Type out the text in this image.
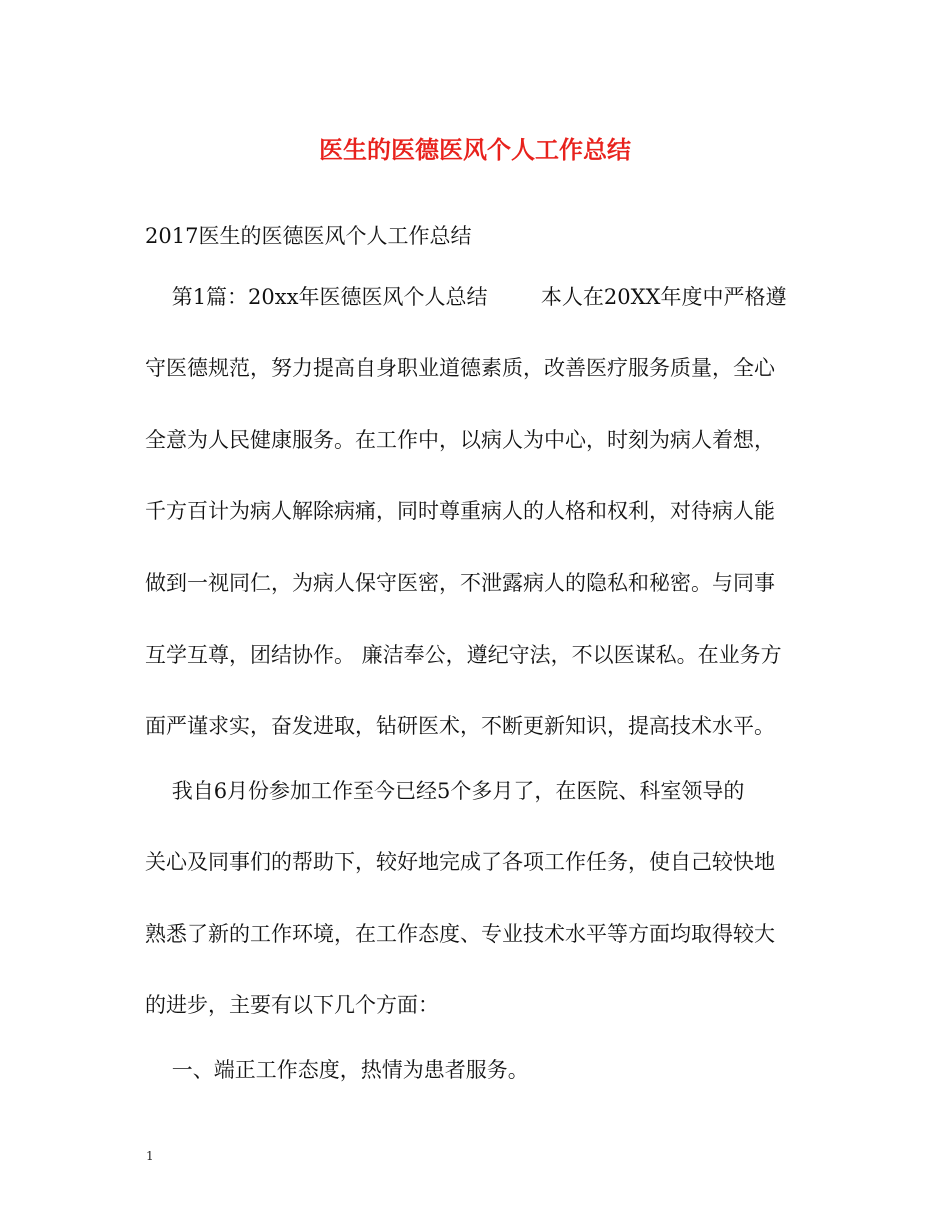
医生的医德医风个人工作总结
2017医生的医德医风个人工作总结
第1篇：20xx年医德医风个人总结        本人在20XX年度中严格遵
守医德规范，努力提高自身职业道德素质，改善医疗服务质量，全心
全意为人民健康服务。在工作中，以病人为中心，时刻为病人着想，
千方百计为病人解除病痛，同时尊重病人的人格和权利，对待病人能
做到一视同仁，为病人保守医密，不泄露病人的隐私和秘密。与同事
互学互尊，团结协作。 廉洁奉公，遵纪守法，不以医谋私。在业务方
面严谨求实，奋发进取，钻研医术，不断更新知识，提高技术水平。
我自6月份参加工作至今已经5个多月了，在医院、科室领导的
关心及同事们的帮助下，较好地完成了各项工作任务，使自己较快地
熟悉了新的工作环境，在工作态度、专业技术水平等方面均取得较大
的进步，主要有以下几个方面：
一、端正工作态度，热情为患者服务。
1
